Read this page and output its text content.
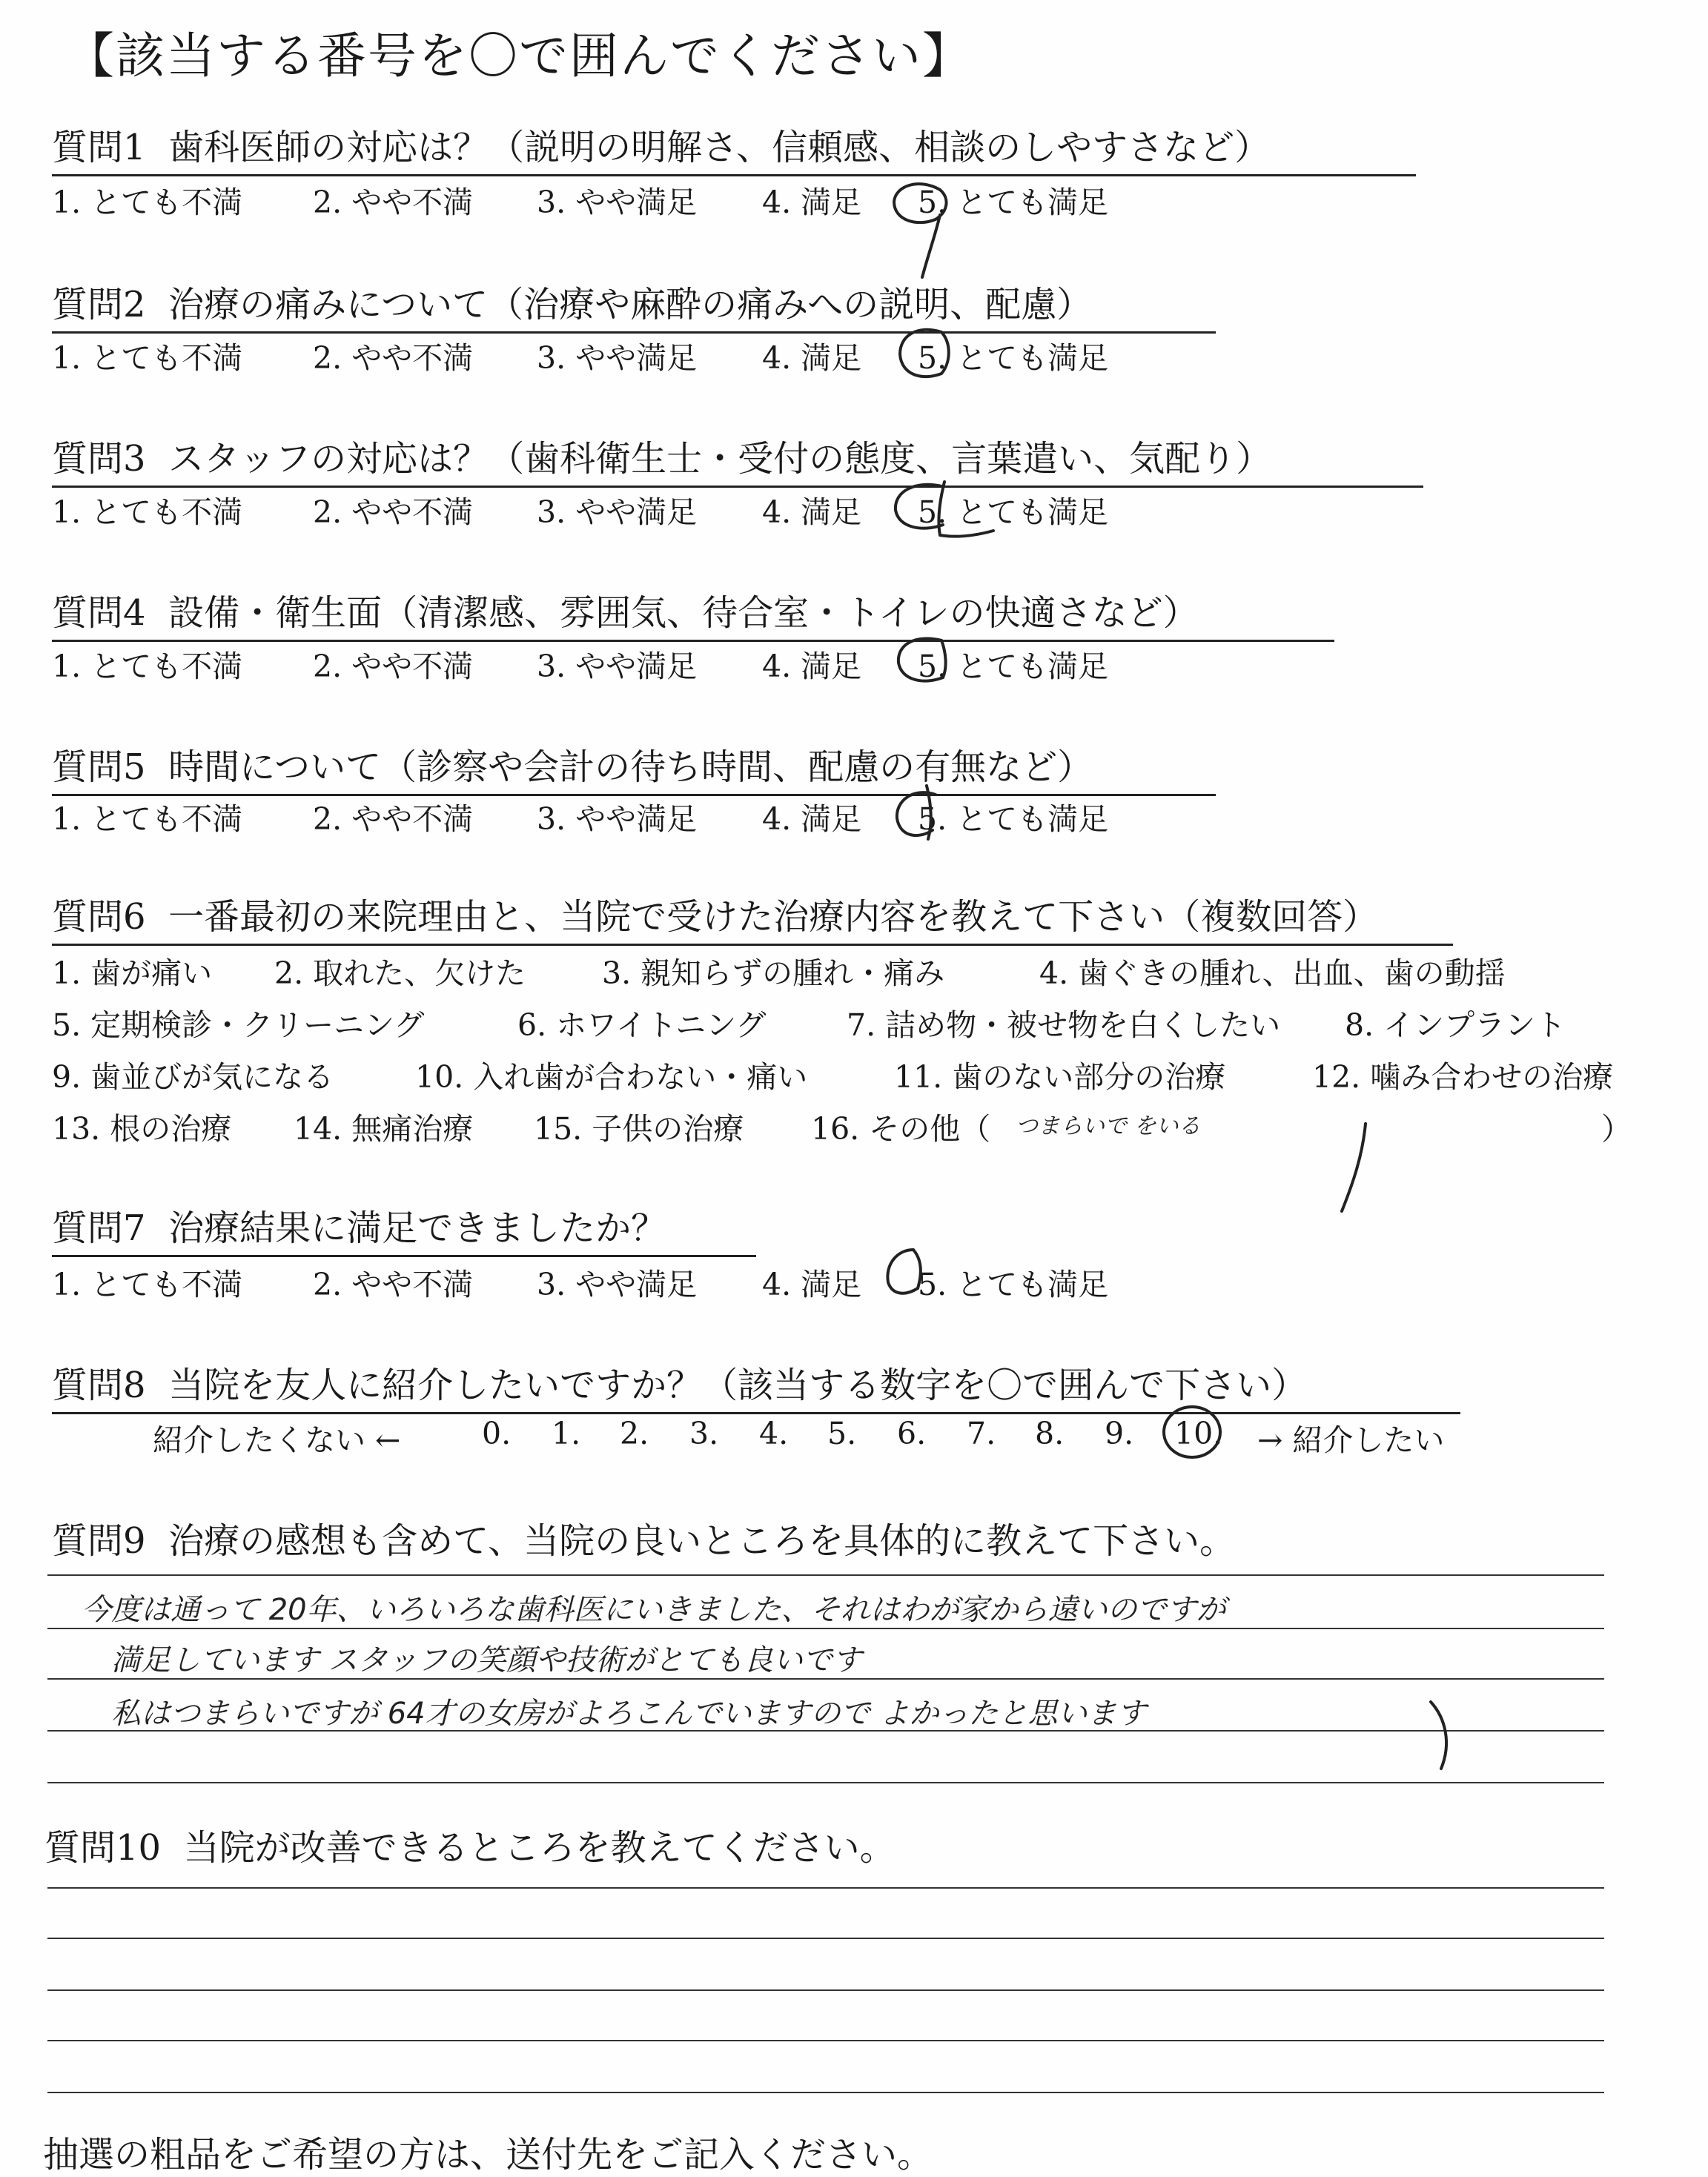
【該当する番号を〇で囲んでください】
質問1 歯科医師の対応は？（説明の明解さ、信頼感、相談のしやすさなど）
1. とても不満 2. やや不満 3. やや満足 4. 満足 5. とても満足
質問2 治療の痛みについて（治療や麻酔の痛みへの説明、配慮）
1. とても不満 2. やや不満 3. やや満足 4. 満足 5. とても満足
質問3 スタッフの対応は？（歯科衛生士・受付の態度、言葉遣い、気配り）
1. とても不満 2. やや不満 3. やや満足 4. 満足 5. とても満足
質問4 設備・衛生面（清潔感、雰囲気、待合室・トイレの快適さなど）
1. とても不満 2. やや不満 3. やや満足 4. 満足 5. とても満足
質問5 時間について（診察や会計の待ち時間、配慮の有無など）
1. とても不満 2. やや不満 3. やや満足 4. 満足 5. とても満足
質問6 一番最初の来院理由と、当院で受けた治療内容を教えて下さい（複数回答）
1. 歯が痛い 2. 取れた、欠けた	3. 親知らずの腫れ・痛み	4. 歯ぐきの腫れ、出血、歯の動揺
5. 定期検診・クリーニング	6. ホワイトニング	7. 詰め物・被せ物を白くしたい 8. インプラント
9. 歯並びが気になる	10. 入れ歯が合わない・痛い	11. 歯のない部分の治療	12. 噛み合わせの治療
13. 根の治療 14. 無痛治療 15. 子供の治療 16. その他（ つまらいで をいる	）
質問7 治療結果に満足できましたか？
1. とても不満 2. やや不満 3. やや満足 4. 満足 5. とても満足
質問8 当院を友人に紹介したいですか？（該当する数字を〇で囲んで下さい）
紹介したくない ←	0. 1. 2. 3. 4. 5. 6. 7. 8. 9. 10. → 紹介したい
質問9 治療の感想も含めて、当院の良いところを具体的に教えて下さい。
今度は通って 20年、いろいろな歯科医にいきました、それはわが家から遠いのですが
満足しています スタッフの笑顔や技術がとても良いです
私はつまらいですが 64才の女房がよろこんでいますので よかったと思います
質問10 当院が改善できるところを教えてください。
抽選の粗品をご希望の方は、送付先をご記入ください。
